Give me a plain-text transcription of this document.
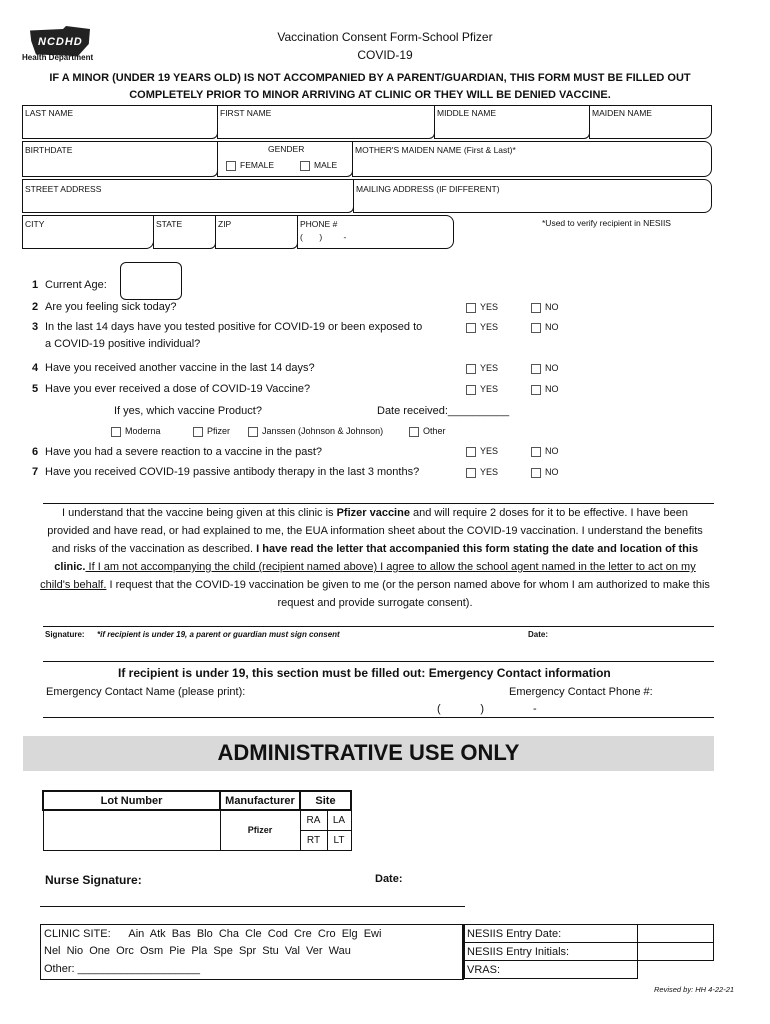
NCDHD
Health Department
Vaccination Consent Form-School Pfizer
COVID-19
IF A MINOR (UNDER 19 YEARS OLD) IS NOT ACCOMPANIED BY A PARENT/GUARDIAN, THIS FORM MUST BE FILLED OUT
COMPLETELY PRIOR TO MINOR ARRIVING AT CLINIC OR THEY WILL BE DENIED VACCINE.
LAST NAME	FIRST NAME	MIDDLE NAME	MAIDEN NAME
BIRTHDATE	GENDER
FEMALE	MALE
MOTHER'S MAIDEN NAME (First & Last)*
STREET ADDRESS	MAILING ADDRESS (IF DIFFERENT)
CITY	STATE	ZIP	PHONE #
(       )         -
*Used to verify recipient in NESIIS
1 Current Age:
2 Are you feeling sick today?	YES	NO
3 In the last 14 days have you tested positive for COVID-19 or been exposed to
a COVID-19 positive individual?
YES	NO
4 Have you received another vaccine in the last 14 days?	YES	NO
5 Have you ever received a dose of COVID-19 Vaccine?	YES	NO
If yes, which vaccine Product?	Date received:__________
Moderna	Pfizer	Janssen (Johnson & Johnson)	Other
6 Have you had a severe reaction to a vaccine in the past?	YES	NO
7 Have you received COVID-19 passive antibody therapy in the last 3 months?	YES	NO
I understand that the vaccine being given at this clinic is Pfizer vaccine and will require 2 doses for it to be effective. I have been provided and have read, or had explained to me, the EUA information sheet about the COVID-19 vaccination. I understand the benefits and risks of the vaccination as described. I have read the letter that accompanied this form stating the date and location of this clinic. If I am not accompanying the child (recipient named above) I agree to allow the school agent named in the letter to act on my child's behalf. I request that the COVID-19 vaccination be given to me (or the person named above for whom I am authorized to make this request and provide surrogate consent).
Signature: *if recipient is under 19, a parent or guardian must sign consent	Date:
If recipient is under 19, this section must be filled out: Emergency Contact information
Emergency Contact Name (please print):	Emergency Contact Phone #:
(             )                -
ADMINISTRATIVE USE ONLY
Lot Number	Manufacturer	Site	
	Pfizer	RA	LA
		RT	LT
Nurse Signature:	Date:
CLINIC SITE:      Ain  Atk  Bas  Blo  Cha  Cle  Cod  Cre  Cro  Elg  Ewi
Nel  Nio  One  Orc  Osm  Pie  Pla  Spe  Spr  Stu  Val  Ver  Wau
Other: ____________________
NESIIS Entry Date:	
NESIIS Entry Initials:	
VRAS:	
Revised by: HH 4-22-21
